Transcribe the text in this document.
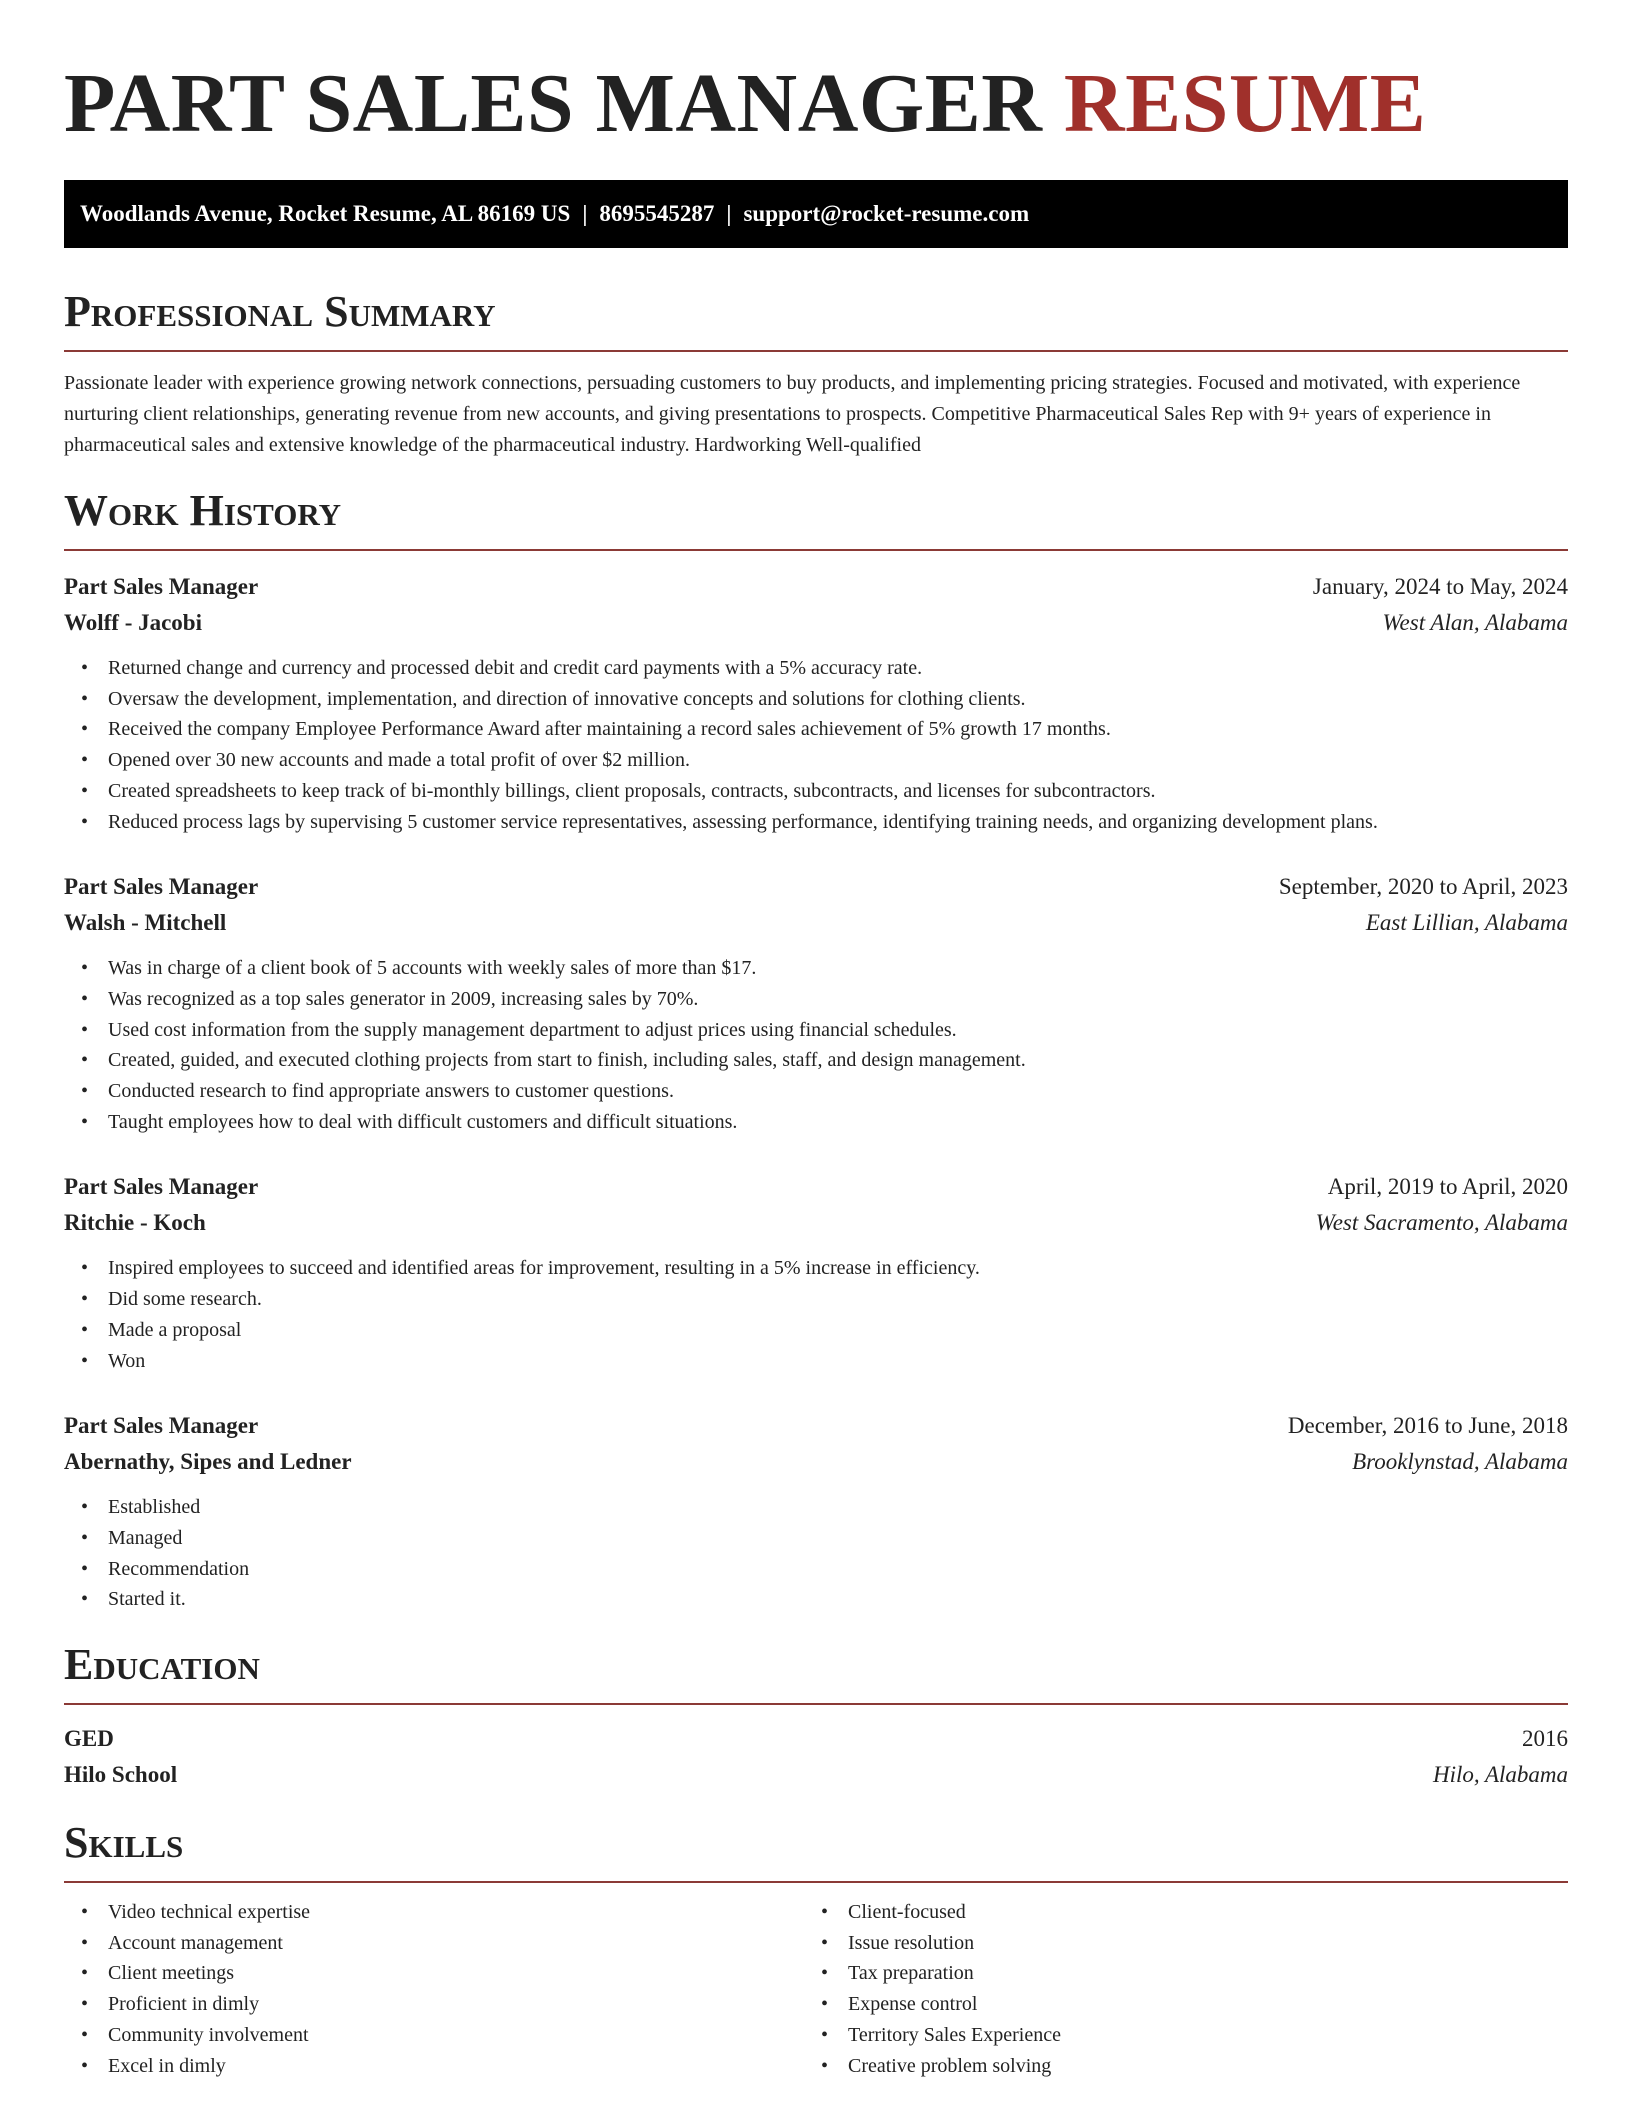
PART SALES MANAGER RESUME
Woodlands Avenue, Rocket Resume, AL 86169 US | 8695545287 | support@rocket-resume.com
Professional Summary

Passionate leader with experience growing network connections, persuading customers to buy products, and implementing pricing strategies. Focused and motivated, with experience nurturing client relationships, generating revenue from new accounts, and giving presentations to prospects. Competitive Pharmaceutical Sales Rep with 9+ years of experience in pharmaceutical sales and extensive knowledge of the pharmaceutical industry. Hardworking Well-qualified

Work History
Part Sales Manager	January, 2024 to May, 2024
Wolff - Jacobi	West Alan, Alabama
• Returned change and currency and processed debit and credit card payments with a 5% accuracy rate.
• Oversaw the development, implementation, and direction of innovative concepts and solutions for clothing clients.
• Received the company Employee Performance Award after maintaining a record sales achievement of 5% growth 17 months.
• Opened over 30 new accounts and made a total profit of over $2 million.
• Created spreadsheets to keep track of bi-monthly billings, client proposals, contracts, subcontracts, and licenses for subcontractors.
• Reduced process lags by supervising 5 customer service representatives, assessing performance, identifying training needs, and organizing development plans.
Part Sales Manager	September, 2020 to April, 2023
Walsh - Mitchell	East Lillian, Alabama
• Was in charge of a client book of 5 accounts with weekly sales of more than $17.
• Was recognized as a top sales generator in 2009, increasing sales by 70%.
• Used cost information from the supply management department to adjust prices using financial schedules.
• Created, guided, and executed clothing projects from start to finish, including sales, staff, and design management.
• Conducted research to find appropriate answers to customer questions.
• Taught employees how to deal with difficult customers and difficult situations.
Part Sales Manager	April, 2019 to April, 2020
Ritchie - Koch	West Sacramento, Alabama
• Inspired employees to succeed and identified areas for improvement, resulting in a 5% increase in efficiency.
• Did some research.
• Made a proposal
• Won
Part Sales Manager	December, 2016 to June, 2018
Abernathy, Sipes and Ledner	Brooklynstad, Alabama
• Established
• Managed
• Recommendation
• Started it.
Education
GED	2016
Hilo School	Hilo, Alabama
Skills
• Video technical expertise
• Account management
• Client meetings
• Proficient in dimly
• Community involvement
• Excel in dimly
• Client-focused
• Issue resolution
• Tax preparation
• Expense control
• Territory Sales Experience
• Creative problem solving
